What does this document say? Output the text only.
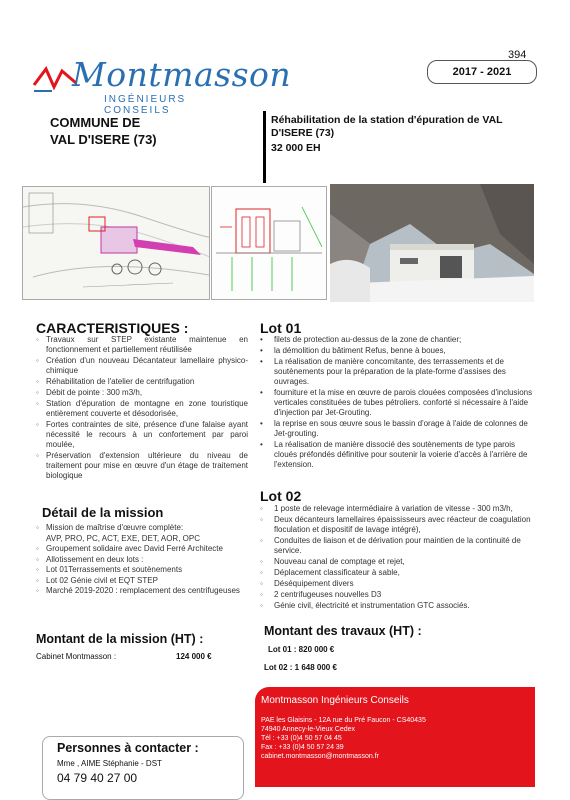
394
Montmasson
INGÉNIEURS CONSEILS
2017 - 2021
COMMUNE DE
VAL D'ISERE (73)
Réhabilitation de la station d'épuration de VAL D'ISERE (73)
32 000 EH
CARACTERISTIQUES :
◦ Travaux sur STEP existante maintenue en fonctionnement et partiellement réutilisée
◦ Création d'un nouveau Décantateur lamellaire physico-chimique
◦ Réhabilitation de l'atelier de centrifugation
◦ Débit de pointe : 300 m3/h,
◦ Station d'épuration de montagne en zone touristique entièrement couverte et désodorisée,
◦ Fortes contraintes de site, présence d'une falaise ayant nécessité le recours à un confortement par paroi moulée,
◦ Préservation d'extension ultérieure du niveau de traitement pour mise en œuvre d'un étage de traitement biologique
Détail de la mission
◦ Mission de maîtrise d'œuvre complète:
AVP, PRO, PC, ACT, EXE, DET, AOR, OPC
◦ Groupement solidaire avec David Ferré Architecte
◦ Allotissement en deux lots :
◦ Lot 01Terrassements et soutènements
◦ Lot 02 Génie civil et EQT STEP
◦ Marché 2019-2020 : remplacement des centrifugeuses
Lot 01
• filets de protection au-dessus de la zone de chantier;
• la démolition du bâtiment Refus, benne à boues,
• La réalisation de manière concomitante, des terrassements et de soutènements pour la préparation de la plate-forme d'assises des ouvrages.
• fourniture et la mise en œuvre de parois clouées composées d'inclusions verticales constituées de tubes pétroliers. conforté si nécessaire à l'aide d'injection par Jet-Grouting.
• la reprise en sous œuvre sous le bassin d'orage à l'aide de colonnes de Jet-grouting.
• La réalisation de manière dissocié des soutènements de type parois cloués préfondés définitive pour soutenir la voierie d'accès à l'arrière de l'extension.
Lot 02
◦ 1 poste de relevage intermédiaire à variation de vitesse - 300 m3/h,
◦ Deux décanteurs lamellaires épaississeurs avec réacteur de coagulation floculation et dispositif de lavage intégré),
◦ Conduites de liaison et de dérivation pour maintien de la continuité de service.
◦ Nouveau canal de comptage et rejet,
◦ Déplacement classificateur à sable,
◦ Déséquipement divers
◦ 2 centrifugeuses nouvelles D3
◦ Génie civil, électricité et instrumentation GTC associés.
Montant de la mission (HT) :
Cabinet Montmasson :	124 000 €
Montant des travaux (HT) :
Lot 01 : 820 000 €
Lot 02 : 1 648 000 €
Personnes à contacter :
Mme , AIME Stéphanie - DST
04 79 40 27 00
Montmasson Ingénieurs Conseils
PAE les Glaisins - 12A rue du Pré Faucon - CS40435
74940 Annecy-le-Vieux Cedex
Tél : +33 (0)4 50 57 04 45
Fax : +33 (0)4 50 57 24 39
cabinet.montmasson@montmasson.fr
